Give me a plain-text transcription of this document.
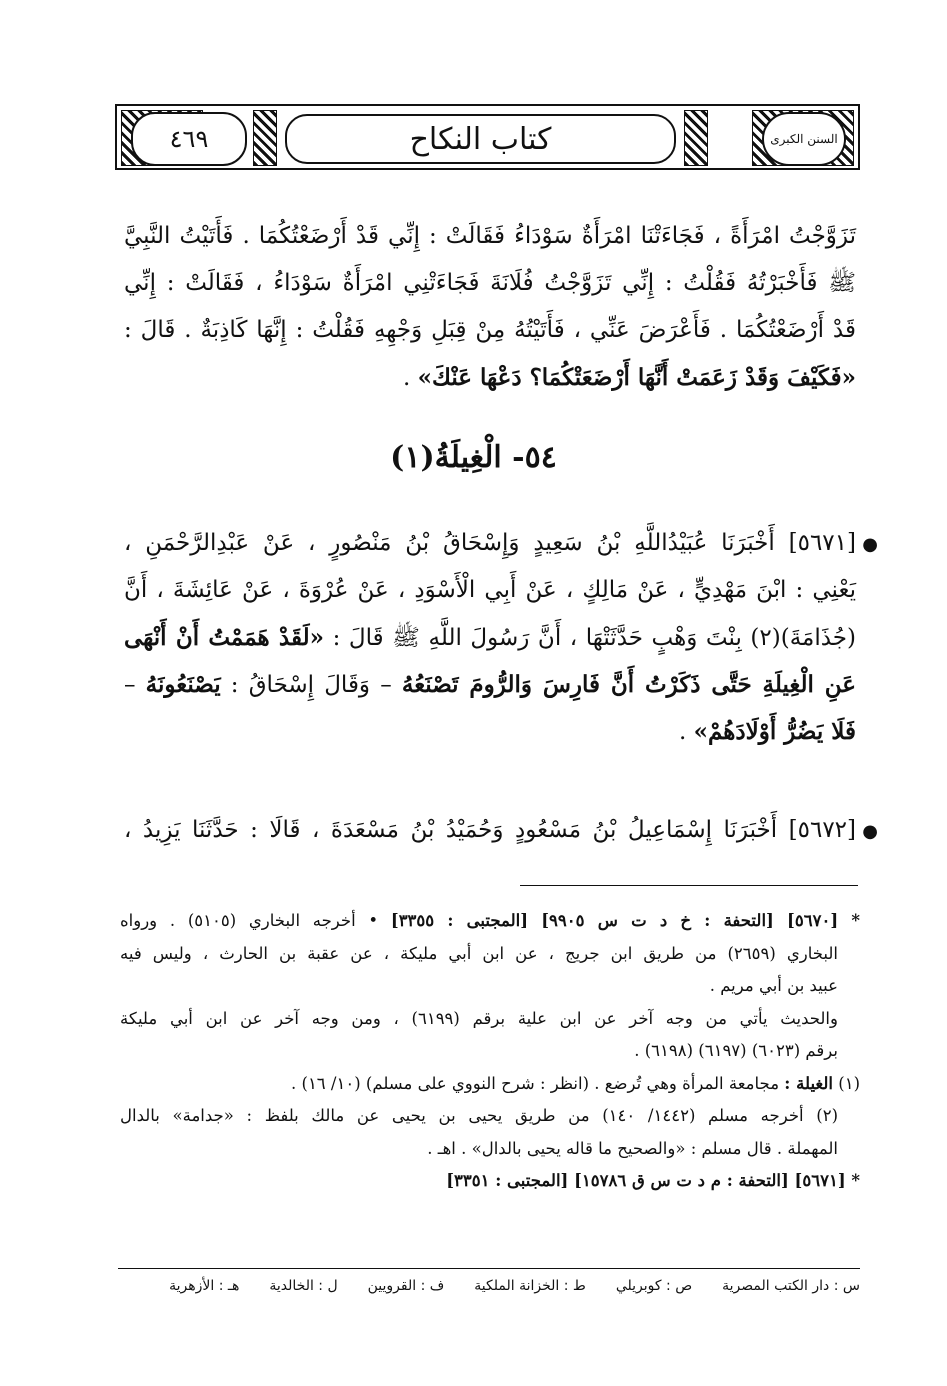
٤٦٩	السنن الكبرى
كتاب النكاح
تَزَوَّجْتُ امْرَأَةً ، فَجَاءَتْنَا امْرَأَةٌ سَوْدَاءُ فَقَالَتْ : إِنِّي قَدْ أَرْضَعْتُكُمَا . فَأَتَيْتُ النَّبِيَّ
ﷺ فَأَخْبَرْتُهُ فَقُلْتُ : إِنِّي تَزَوَّجْتُ فُلَانَةَ فَجَاءَتْنِي امْرَأَةٌ سَوْدَاءُ ، فَقَالَتْ : إِنِّي
قَدْ أَرْضَعْتُكُمَا . فَأَعْرَضَ عَنِّي ، فَأَتَيْتُهُ مِنْ قِبَلِ وَجْهِهِ فَقُلْتُ : إِنَّهَا كَاذِبَةٌ . قَالَ :
«فَكَيْفَ وَقَدْ زَعَمَتْ أَنَّهَا أَرْضَعَتْكُمَا؟ دَعْهَا عَنْكَ» .
٥٤- الْغِيلَةُ(١)
●
[٥٦٧١] أَخْبَرَنَا عُبَيْدُاللَّهِ بْنُ سَعِيدٍ وَإِسْحَاقُ بْنُ مَنْصُورٍ ، عَنْ عَبْدِالرَّحْمَنِ ،
يَعْنِي : ابْنَ مَهْدِيٍّ ، عَنْ مَالِكٍ ، عَنْ أَبِي الْأَسْوَدِ ، عَنْ عُرْوَةَ ، عَنْ عَائِشَةَ ، أَنَّ
(جُذَامَةَ)(٢) بِنْتَ وَهْبٍ حَدَّثَتْهَا ، أَنَّ رَسُولَ اللَّهِ ﷺ قَالَ : «لَقَدْ هَمَمْتُ أَنْ أَنْهَى
عَنِ الْغِيلَةِ حَتَّى ذَكَرْتُ أَنَّ فَارِسَ وَالرُّومَ تَصْنَعُهُ – وَقَالَ إِسْحَاقُ : يَصْنَعُونَهُ –
فَلَا يَضُرُّ أَوْلَادَهُمْ» .
●
[٥٦٧٢] أَخْبَرَنَا إِسْمَاعِيلُ بْنُ مَسْعُودٍ وَحُمَيْدُ بْنُ مَسْعَدَةَ ، قَالَا : حَدَّثَنَا يَزِيدُ ،
* [٥٦٧٠] [التحفة : خ د ت س ٩٩٠٥] [المجتبى : ٣٣٥٥] • أخرجه البخاري (٥١٠٥) . ورواه
البخاري (٢٦٥٩) من طريق ابن جريج ، عن ابن أبي مليكة ، عن عقبة بن الحارث ، وليس فيه
عبيد بن أبي مريم .
والحديث يأتي من وجه آخر عن ابن علية برقم (٦١٩٩) ، ومن وجه آخر عن ابن أبي مليكة
برقم (٦٠٢٣) (٦١٩٧) (٦١٩٨) .
(١) الغيلة : مجامعة المرأة وهي تُرضع . (انظر : شرح النووي على مسلم) (١٠/ ١٦) .
(٢) أخرجه مسلم (١٤٤٢/ ١٤٠) من طريق يحيى بن يحيى عن مالك بلفظ : «جدامة» بالدال
المهملة . قال مسلم : «والصحيح ما قاله يحيى بالدال» . اهـ .
* [٥٦٧١] [التحفة : م د ت س ق ١٥٧٨٦] [المجتبى : ٣٣٥١]
س : دار الكتب المصرية
ص : كوبريلي
ط : الخزانة الملكية
ف : القرويين
ل : الخالدية
هـ : الأزهرية
